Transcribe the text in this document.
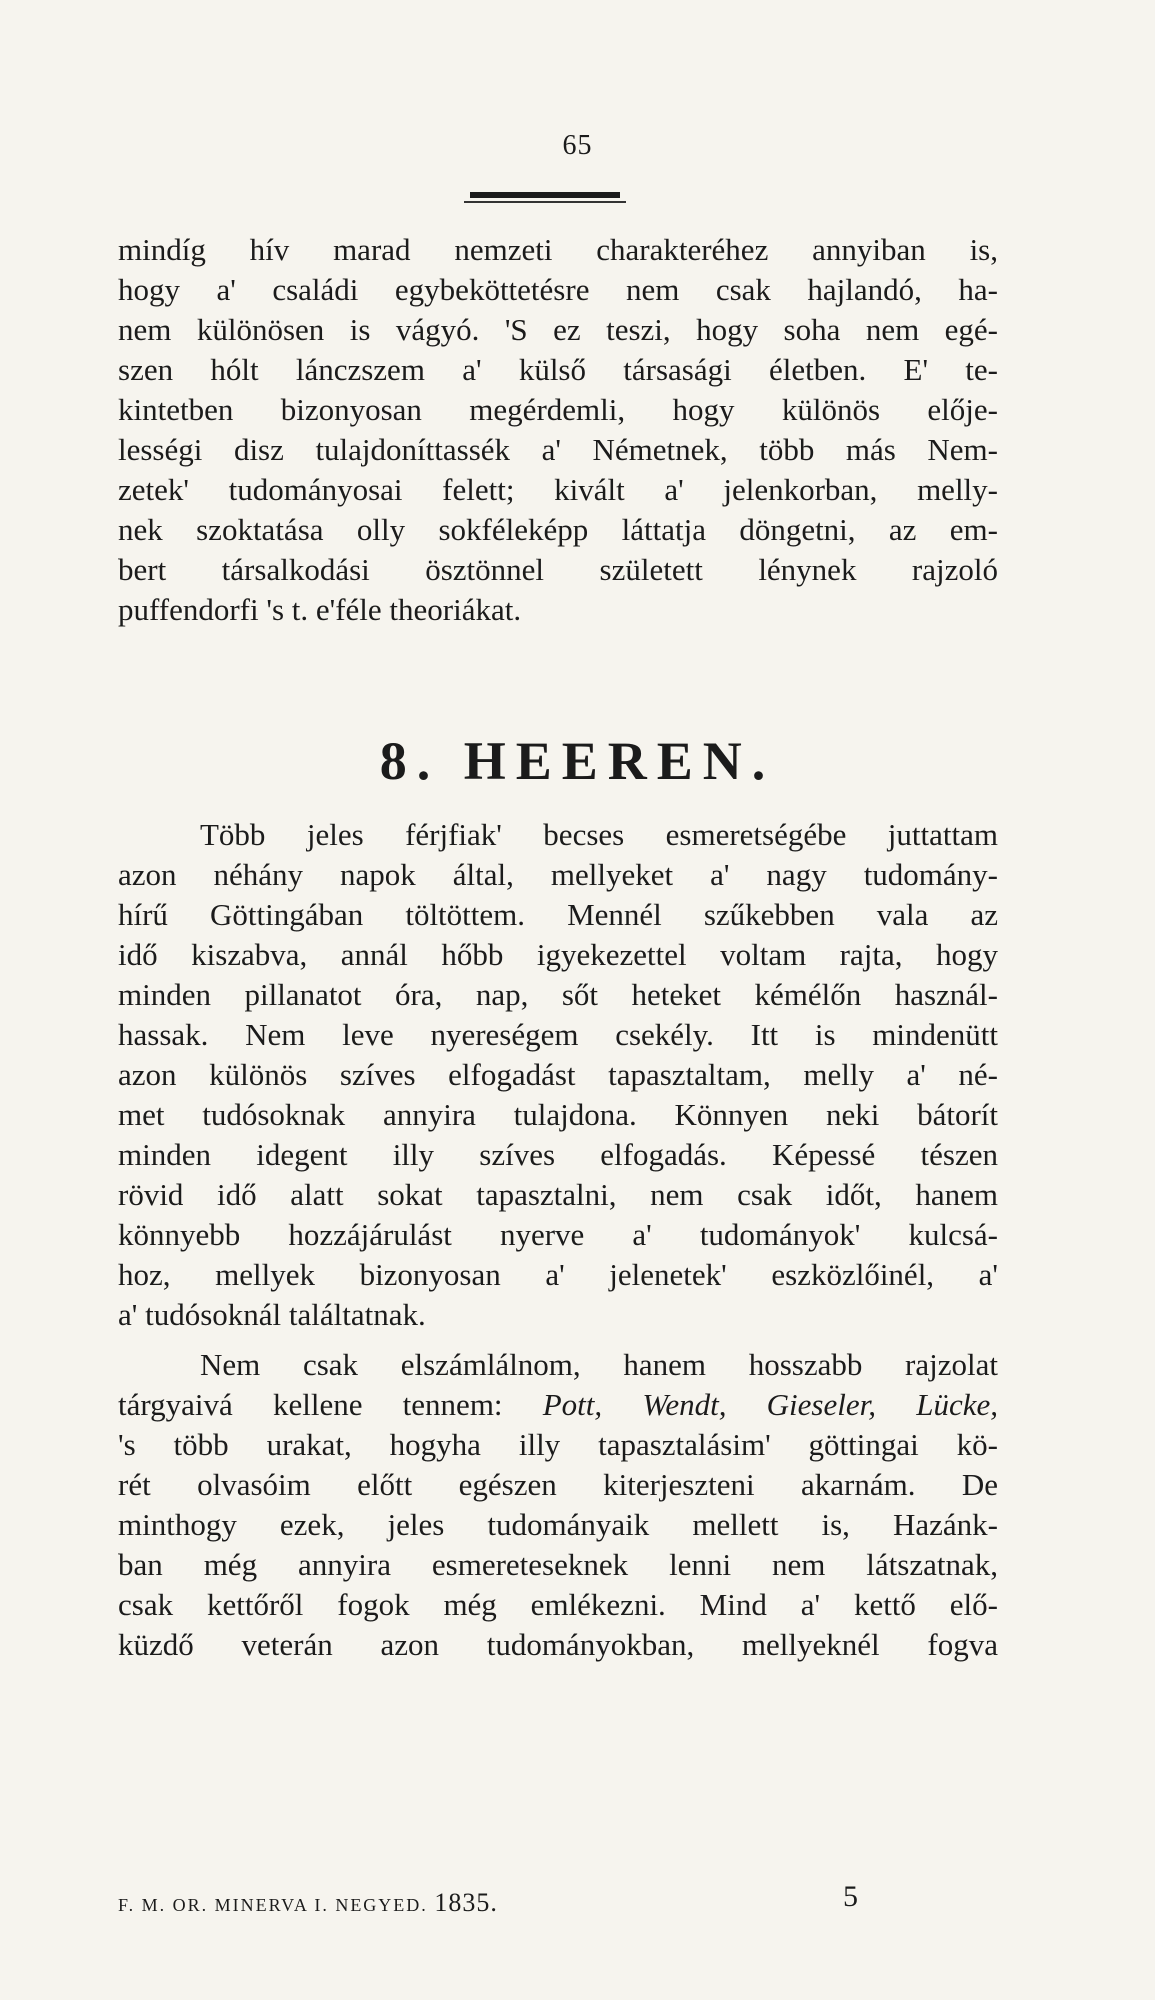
65
mindíg hív marad nemzeti charakteréhez annyiban is,
hogy a' családi egybeköttetésre nem csak hajlandó, ha-
nem különösen is vágyó. 'S ez teszi, hogy soha nem egé-
szen hólt lánczszem a' külső társasági életben. E' te-
kintetben bizonyosan megérdemli, hogy különös elője-
lességi disz tulajdoníttassék a' Németnek, több más Nem-
zetek' tudományosai felett; kivált a' jelenkorban, melly-
nek szoktatása olly sokféleképp láttatja döngetni, az em-
bert társalkodási ösztönnel született lénynek rajzoló
puffendorfi 's t. e'féle theoriákat.
8. HEEREN.
Több jeles férjfiak' becses esmeretségébe juttattam
azon néhány napok által, mellyeket a' nagy tudomány-
hírű Göttingában töltöttem. Mennél szűkebben vala az
idő kiszabva, annál hőbb igyekezettel voltam rajta, hogy
minden pillanatot óra, nap, sőt heteket kémélőn használ-
hassak. Nem leve nyereségem csekély. Itt is mindenütt
azon különös szíves elfogadást tapasztaltam, melly a' né-
met tudósoknak annyira tulajdona. Könnyen neki bátorít
minden idegent illy szíves elfogadás. Képessé tészen
rövid idő alatt sokat tapasztalni, nem csak időt, hanem
könnyebb hozzájárulást nyerve a' tudományok' kulcsá-
hoz, mellyek bizonyosan a' jelenetek' eszközlőinél, a'
a' tudósoknál találtatnak.
Nem csak elszámlálnom, hanem hosszabb rajzolat
tárgyaivá kellene tennem: Pott, Wendt, Gieseler, Lücke,
's több urakat, hogyha illy tapasztalásim' göttingai kö-
rét olvasóim előtt egészen kiterjeszteni akarnám. De
minthogy ezek, jeles tudományaik mellett is, Hazánk-
ban még annyira esmereteseknek lenni nem látszatnak,
csak kettőről fogok még emlékezni. Mind a' kettő elő-
küzdő veterán azon tudományokban, mellyeknél fogva
F. M. OR. MINERVA I. NEGYED. 1835.	5
